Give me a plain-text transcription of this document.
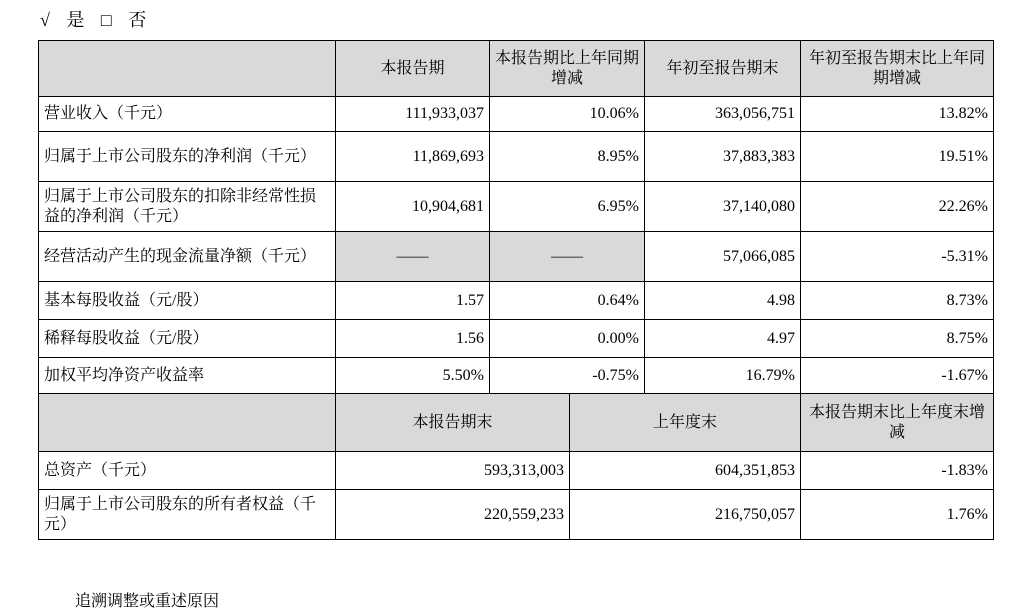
√ 是 □ 否
	本报告期	本报告期比上年同期增减		年初至报告期末	年初至报告期末比上年同期增减
营业收入（千元）	111,933,037	10.06%		363,056,751	13.82%
归属于上市公司股东的净利润（千元）	11,869,693	8.95%		37,883,383	19.51%
归属于上市公司股东的扣除非经常性损益的净利润（千元）	10,904,681	6.95%		37,140,080	22.26%
经营活动产生的现金流量净额（千元）	——	——		57,066,085	-5.31%
基本每股收益（元/股）	1.57	0.64%		4.98	8.73%
稀释每股收益（元/股）	1.56	0.00%		4.97	8.75%
加权平均净资产收益率	5.50%	-0.75%		16.79%	-1.67%
	本报告期末		上年度末		本报告期末比上年度末增减
总资产（千元）	593,313,003		604,351,853		-1.83%
归属于上市公司股东的所有者权益（千元）	220,559,233		216,750,057		1.76%
追溯调整或重述原因
